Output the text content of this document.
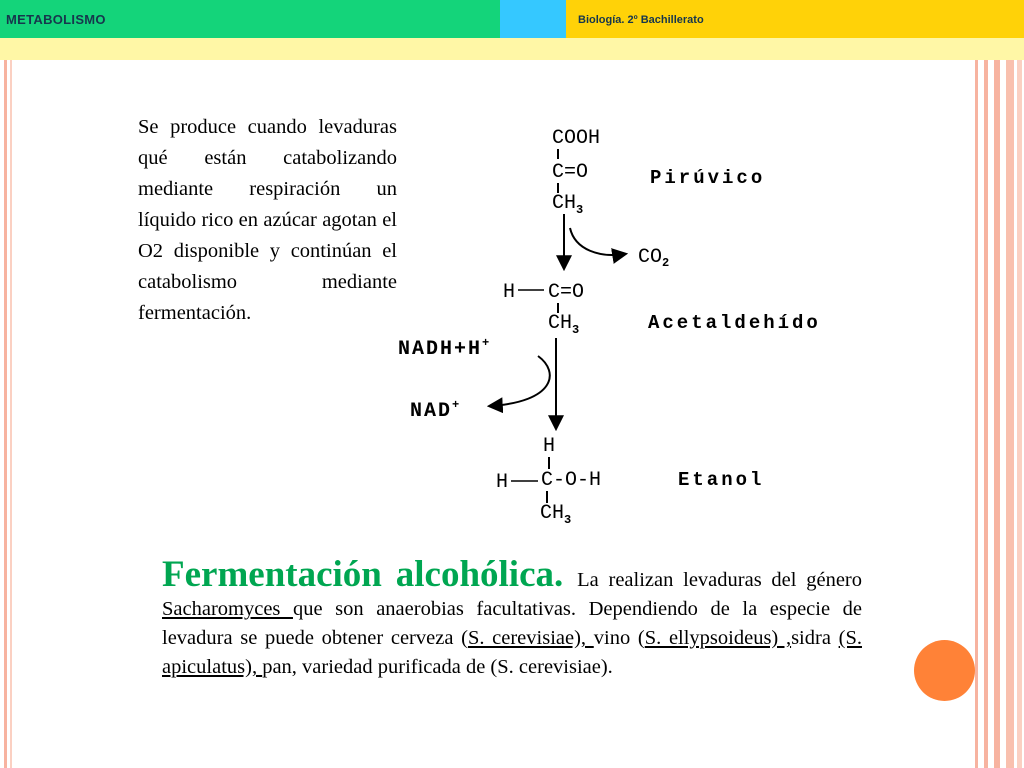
METABOLISMO	Biología. 2º Bachillerato
Se produce cuando levaduras qué están catabolizando mediante respiración un líquido rico en azúcar agotan el O2 disponible y continúan el catabolismo mediante fermentación.
COOH
C=O
$CH_3$
Pirúvico
$CO_2$
H C=O
$CH_3$	Acetaldehído
NADH+H+
NAD+
H
H C-O-H
$CH_3$
Etanol
Fermentación alcohólica. La realizan levaduras del género Sacharomyces que son anaerobias facultativas. Dependiendo de la especie de levadura se puede obtener cerveza (S. cerevisiae), vino (S. ellypsoideus) ,sidra (S. apiculatus), pan, variedad purificada de (S. cerevisiae).
